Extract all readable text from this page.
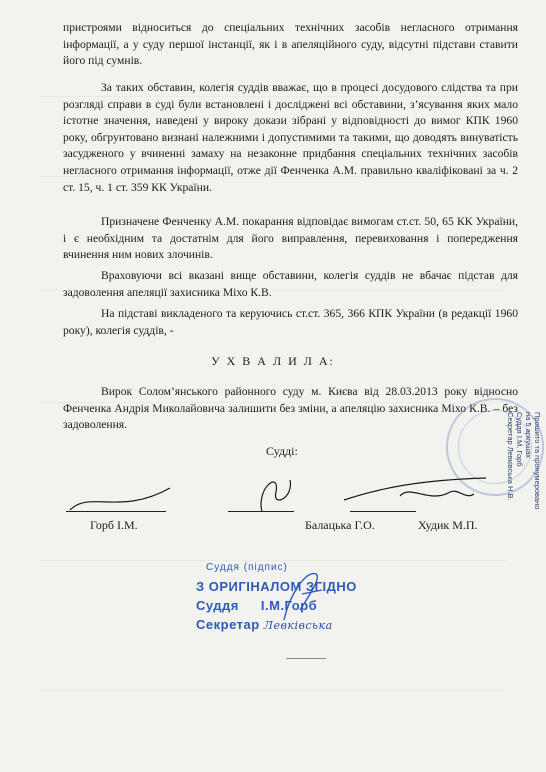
пристроями відноситься до спеціальних технічних засобів негласного отримання інформації, а у суду першої інстанції, як і в апеляційного суду, відсутні підстави ставити його під сумнів.

За таких обставин, колегія суддів вважає, що в процесі досудового слідства та при розгляді справи в суді були встановлені і досліджені всі обставини, з’ясування яких мало істотне значення, наведені у вироку докази зібрані у відповідності до вимог КПК 1960 року, обгрунтовано визнані належними і допустимими та такими, що доводять винуватість засудженого у вчиненні замаху на незаконне придбання спеціальних технічних засобів негласного отримання інформації, отже дії Фенченка А.М. правильно кваліфіковані за ч. 2 ст. 15, ч. 1 ст. 359 КК України.

Призначене Фенченку А.М. покарання відповідає вимогам ст.ст. 50, 65 КК України, і є необхідним та достатнім для його виправлення, перевиховання і попередження вчинення ним нових злочинів.

Враховуючи всі вказані вище обставини, колегія суддів не вбачає підстав для задоволення апеляції захисника Міхо К.В.

На підставі викладеного та керуючись ст.ст. 365, 366 КПК України (в редакції 1960 року), колегія суддів, -

У Х В А Л И Л А:

Вирок Солом’янського районного суду м. Києва від 28.03.2013 року відносно Фенченка Андрія Миколайовича залишити без зміни, а апеляцію захисника Міхо К.В. – без задоволення.	Прошито та пронумеровано
на 5 аркушах
Суддя І.М. Горб
Секретар Левківська Н.В.
Судді:
Горб І.М.	Балацька Г.О.	Худик М.П.
Суддя (підпис)
З ОРИГІНАЛОМ ЗГІДНО
Суддя І.М.Горб
Секретар Левківська
